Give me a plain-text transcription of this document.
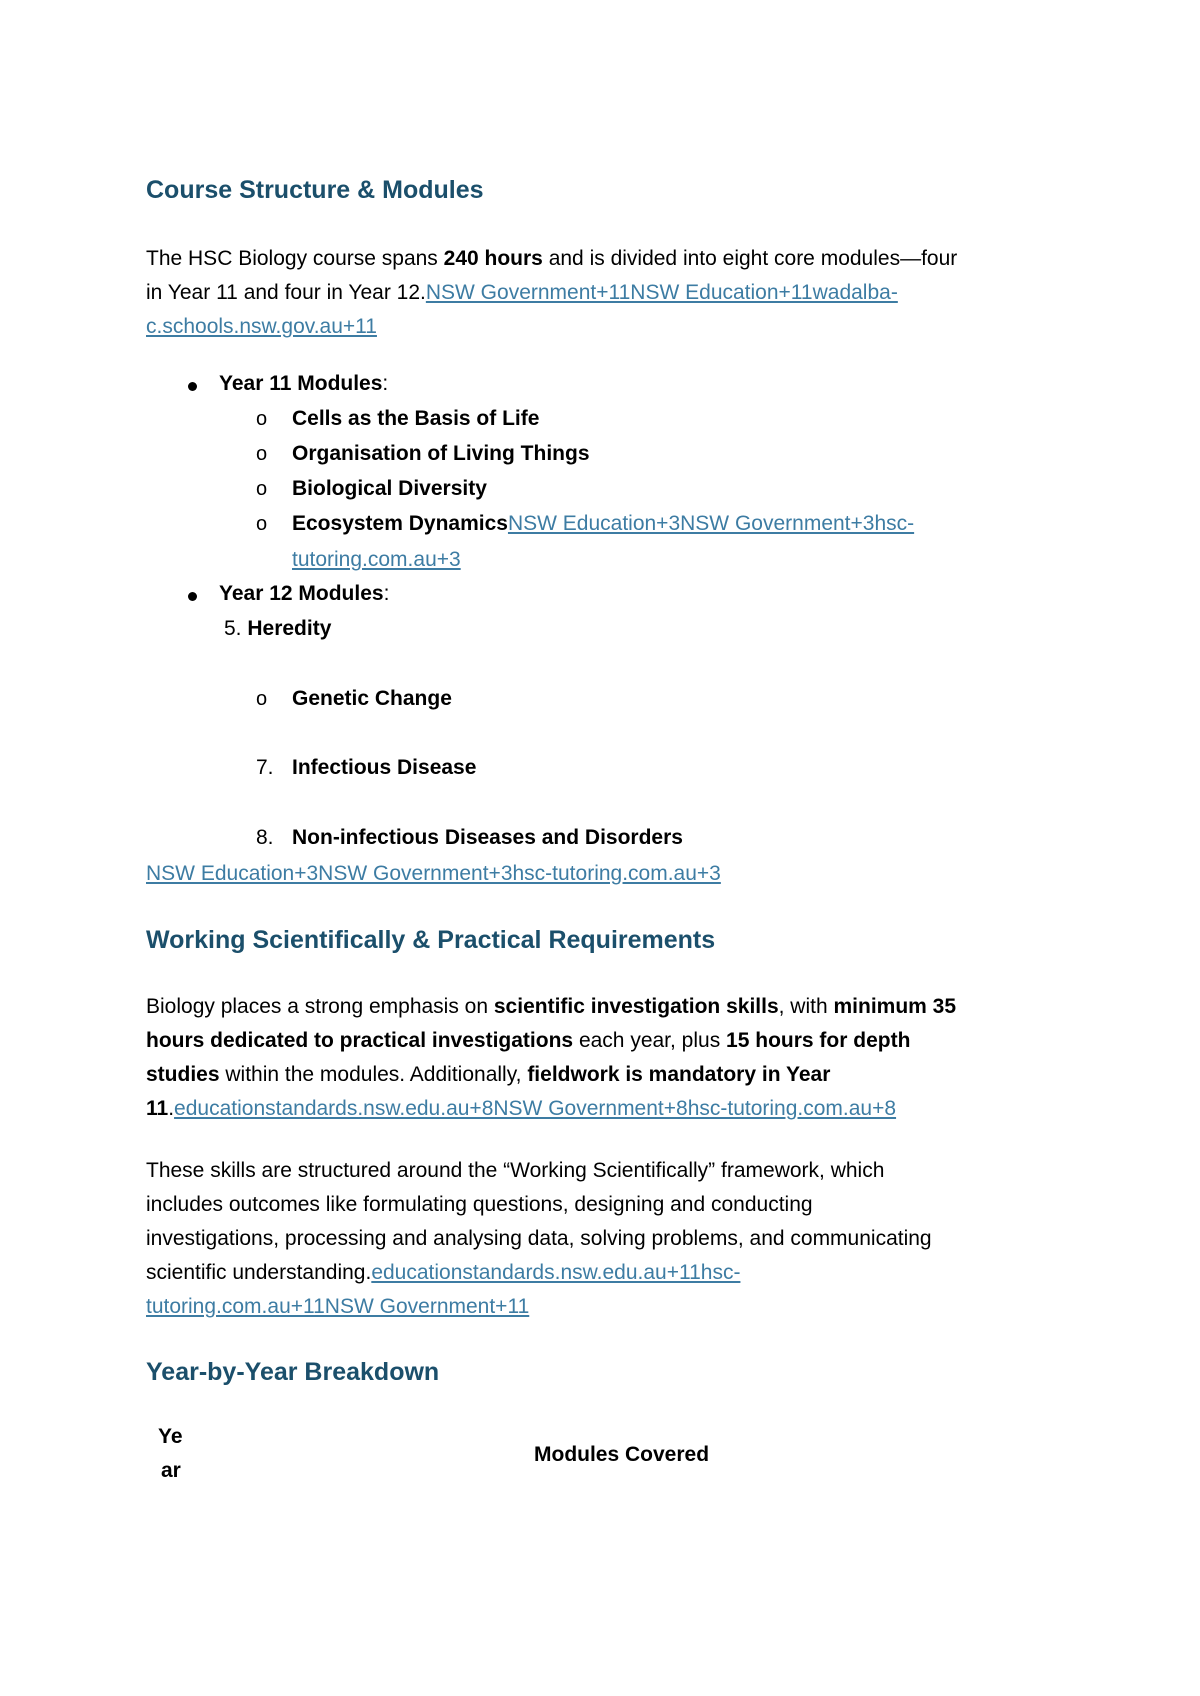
Course Structure & Modules
The HSC Biology course spans 240 hours and is divided into eight core modules—four
in Year 11 and four in Year 12.NSW Government+11NSW Education+11wadalba-
c.schools.nsw.gov.au+11
Year 11 Modules:
o Cells as the Basis of Life
o Organisation of Living Things
o Biological Diversity
o Ecosystem DynamicsNSW Education+3NSW Government+3hsc-
tutoring.com.au+3
Year 12 Modules:
5. Heredity
o Genetic Change
7. Infectious Disease
8. Non-infectious Diseases and Disorders
NSW Education+3NSW Government+3hsc-tutoring.com.au+3
Working Scientifically & Practical Requirements
Biology places a strong emphasis on scientific investigation skills, with minimum 35
hours dedicated to practical investigations each year, plus 15 hours for depth
studies within the modules. Additionally, fieldwork is mandatory in Year
11.educationstandards.nsw.edu.au+8NSW Government+8hsc-tutoring.com.au+8
These skills are structured around the “Working Scientifically” framework, which
includes outcomes like formulating questions, designing and conducting
investigations, processing and analysing data, solving problems, and communicating
scientific understanding.educationstandards.nsw.edu.au+11hsc-
tutoring.com.au+11NSW Government+11
Year-by-Year Breakdown
Ye
ar
Modules Covered
